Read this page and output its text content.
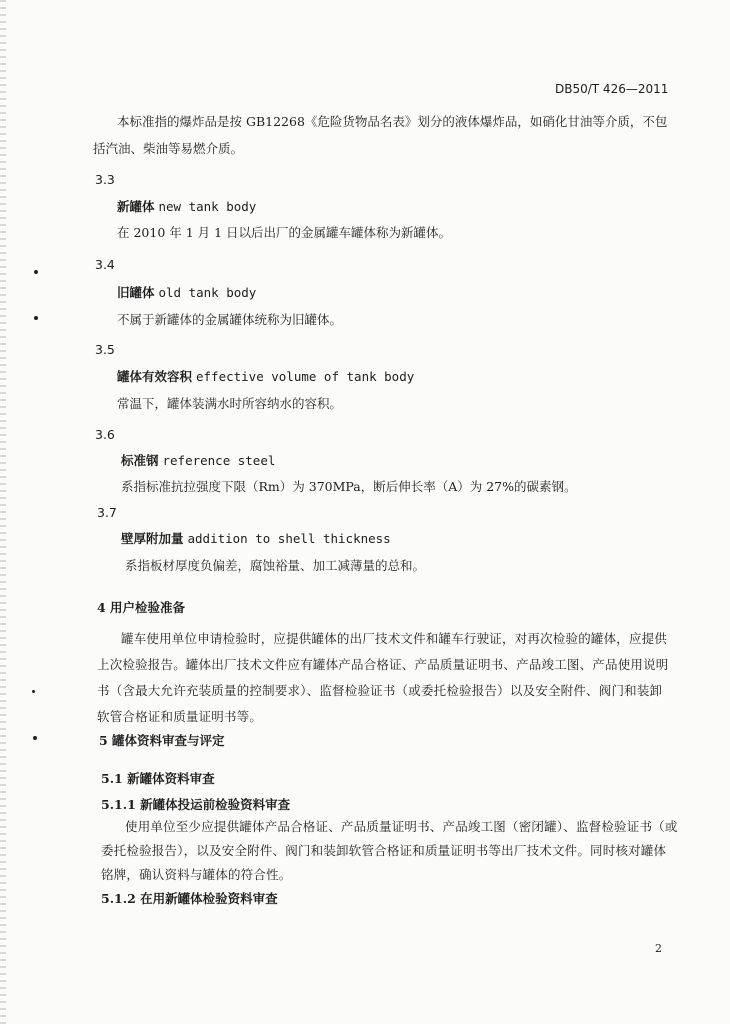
DB50/T 426—2011
本标准指的爆炸品是按 GB12268《危险货物品名表》划分的液体爆炸品，如硝化甘油等介质，不包
括汽油、柴油等易燃介质。
3.3
新罐体 new tank body
在 2010 年 1 月 1 日以后出厂的金属罐车罐体称为新罐体。
3.4
旧罐体 old tank body
不属于新罐体的金属罐体统称为旧罐体。
3.5
罐体有效容积 effective volume of tank body
常温下，罐体装满水时所容纳水的容积。
3.6
标准钢 reference steel
系指标准抗拉强度下限（Rm）为 370MPa，断后伸长率（A）为 27%的碳素钢。
3.7
壁厚附加量 addition to shell thickness
系指板材厚度负偏差，腐蚀裕量、加工减薄量的总和。
4 用户检验准备
罐车使用单位申请检验时，应提供罐体的出厂技术文件和罐车行驶证，对再次检验的罐体，应提供
上次检验报告。罐体出厂技术文件应有罐体产品合格证、产品质量证明书、产品竣工图、产品使用说明
书（含最大允许充装质量的控制要求）、监督检验证书（或委托检验报告）以及安全附件、阀门和装卸
软管合格证和质量证明书等。
5 罐体资料审查与评定
5.1 新罐体资料审查
5.1.1 新罐体投运前检验资料审查
使用单位至少应提供罐体产品合格证、产品质量证明书、产品竣工图（密闭罐）、监督检验证书（或
委托检验报告），以及安全附件、阀门和装卸软管合格证和质量证明书等出厂技术文件。同时核对罐体
铭牌，确认资料与罐体的符合性。
5.1.2 在用新罐体检验资料审查
2
